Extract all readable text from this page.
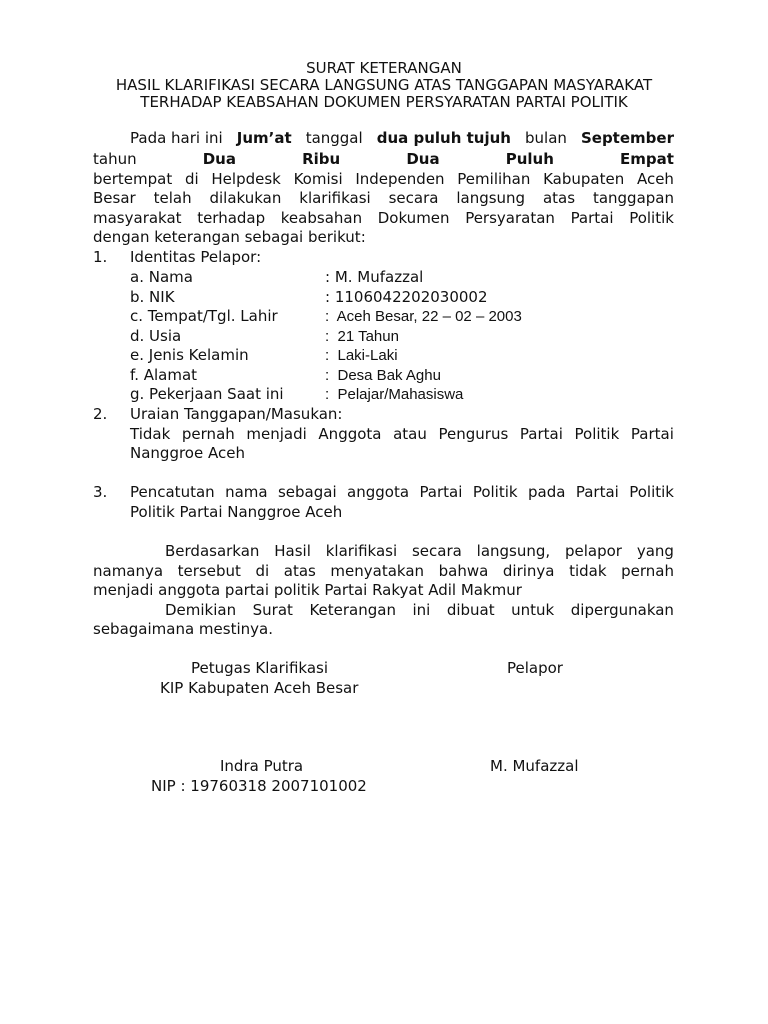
SURAT KETERANGAN
HASIL KLARIFIKASI SECARA LANGSUNG ATAS TANGGAPAN MASYARAKAT
TERHADAP KEABSAHAN DOKUMEN PERSYARATAN PARTAI POLITIK
Pada hari ini Jum’at tanggal dua puluh tujuh bulan September
tahun	Dua	Ribu	Dua	Puluh	Empat
bertempat di Helpdesk Komisi Independen Pemilihan Kabupaten Aceh
Besar telah dilakukan klarifikasi secara langsung atas tanggapan
masyarakat terhadap keabsahan Dokumen Persyaratan Partai Politik
dengan keterangan sebagai berikut:
1. Identitas Pelapor:
a. Nama	: M. Mufazzal
b. NIK	: 1106042202030002
c. Tempat/Tgl. Lahir	:  Aceh Besar, 22 – 02 – 2003
d. Usia	:  21 Tahun
e. Jenis Kelamin	:  Laki-Laki
f. Alamat	:  Desa Bak Aghu
g. Pekerjaan Saat ini	:  Pelajar/Mahasiswa
2. Uraian Tanggapan/Masukan:
Tidak pernah menjadi Anggota atau Pengurus Partai Politik Partai
Nanggroe Aceh
3. Pencatutan nama sebagai anggota Partai Politik pada Partai Politik
Politik Partai Nanggroe Aceh
Berdasarkan Hasil klarifikasi secara langsung, pelapor yang
namanya tersebut di atas menyatakan bahwa dirinya tidak pernah
menjadi anggota partai politik Partai Rakyat Adil Makmur
Demikian Surat Keterangan ini dibuat untuk dipergunakan
sebagaimana mestinya.
Petugas Klarifikasi	Pelapor
KIP Kabupaten Aceh Besar
Indra Putra	M. Mufazzal
NIP : 19760318 2007101002
